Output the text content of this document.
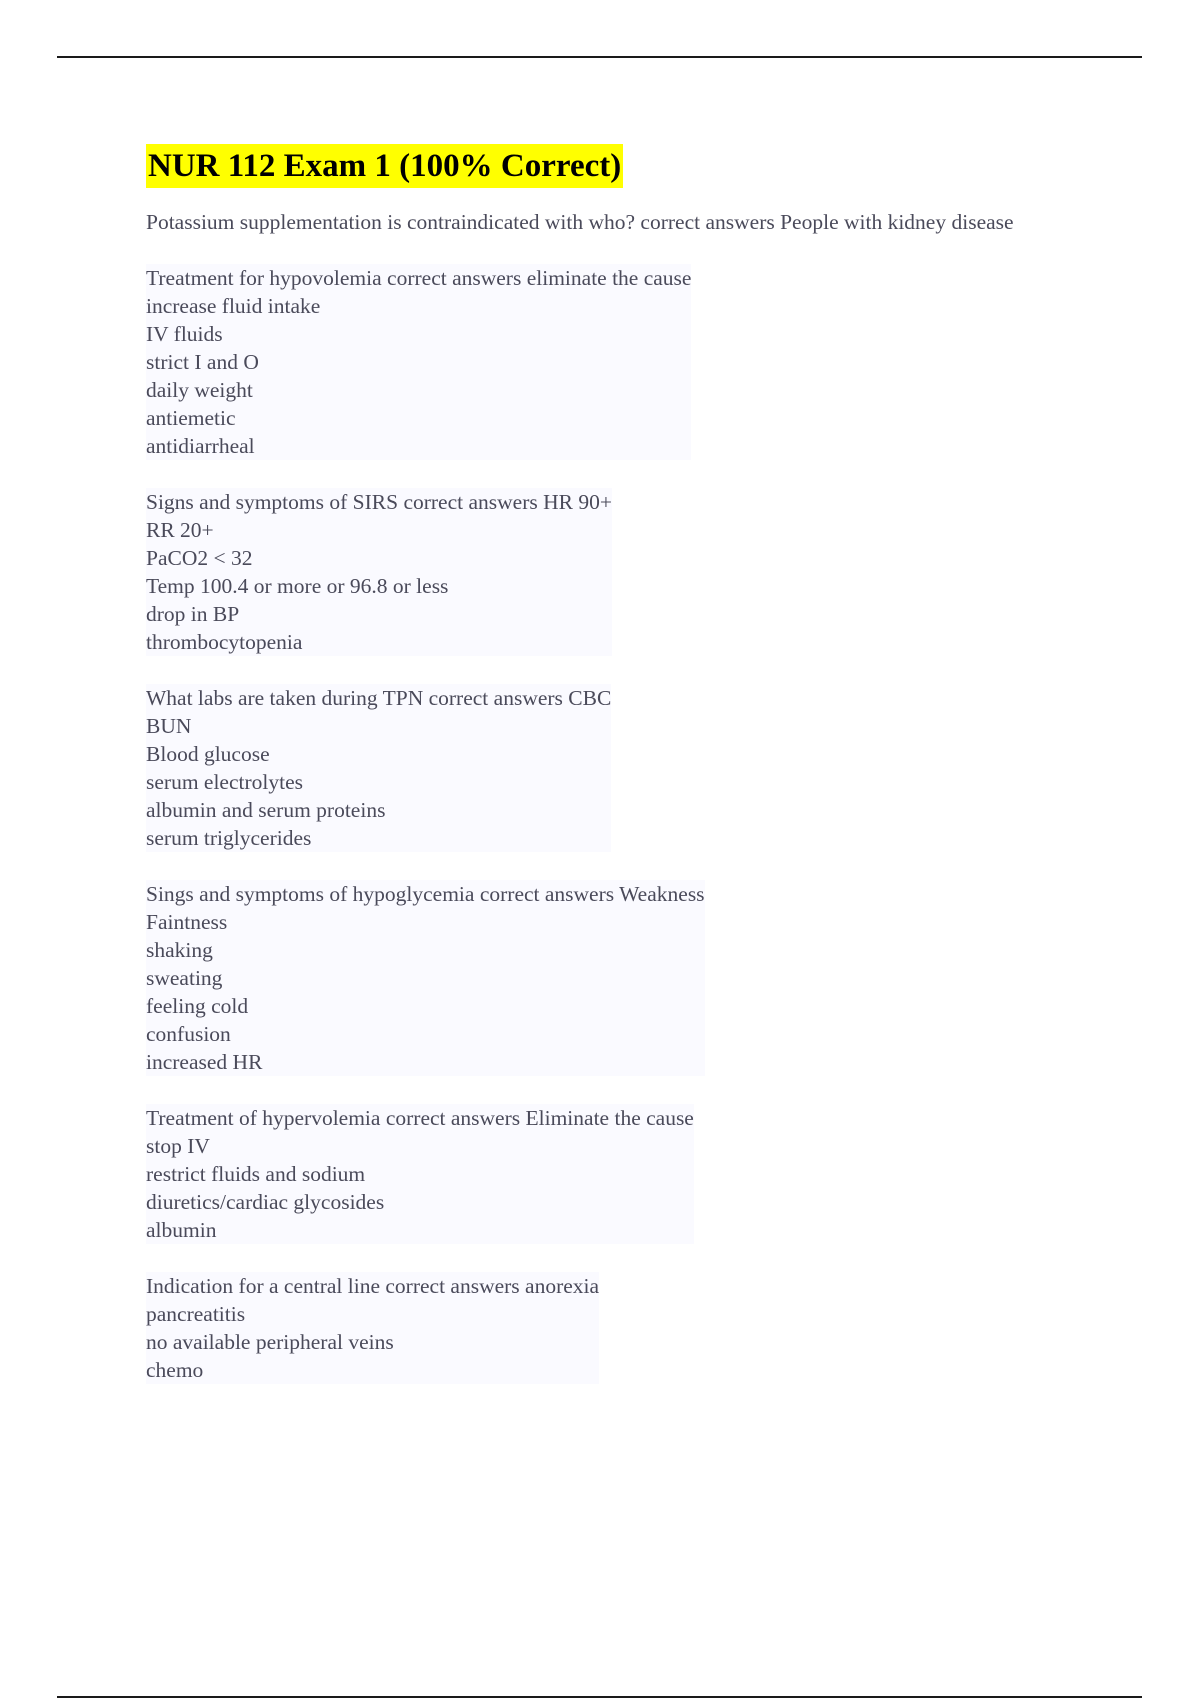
NUR 112 Exam 1 (100% Correct)
Potassium supplementation is contraindicated with who? correct answers People with kidney disease
Treatment for hypovolemia correct answers eliminate the cause
increase fluid intake
IV fluids
strict I and O
daily weight
antiemetic
antidiarrheal
Signs and symptoms of SIRS correct answers HR 90+
RR 20+
PaCO2 < 32
Temp 100.4 or more or 96.8 or less
drop in BP
thrombocytopenia
What labs are taken during TPN correct answers CBC
BUN
Blood glucose
serum electrolytes
albumin and serum proteins
serum triglycerides
Sings and symptoms of hypoglycemia correct answers Weakness
Faintness
shaking
sweating
feeling cold
confusion
increased HR
Treatment of hypervolemia correct answers Eliminate the cause
stop IV
restrict fluids and sodium
diuretics/cardiac glycosides
albumin
Indication for a central line correct answers anorexia
pancreatitis
no available peripheral veins
chemo
